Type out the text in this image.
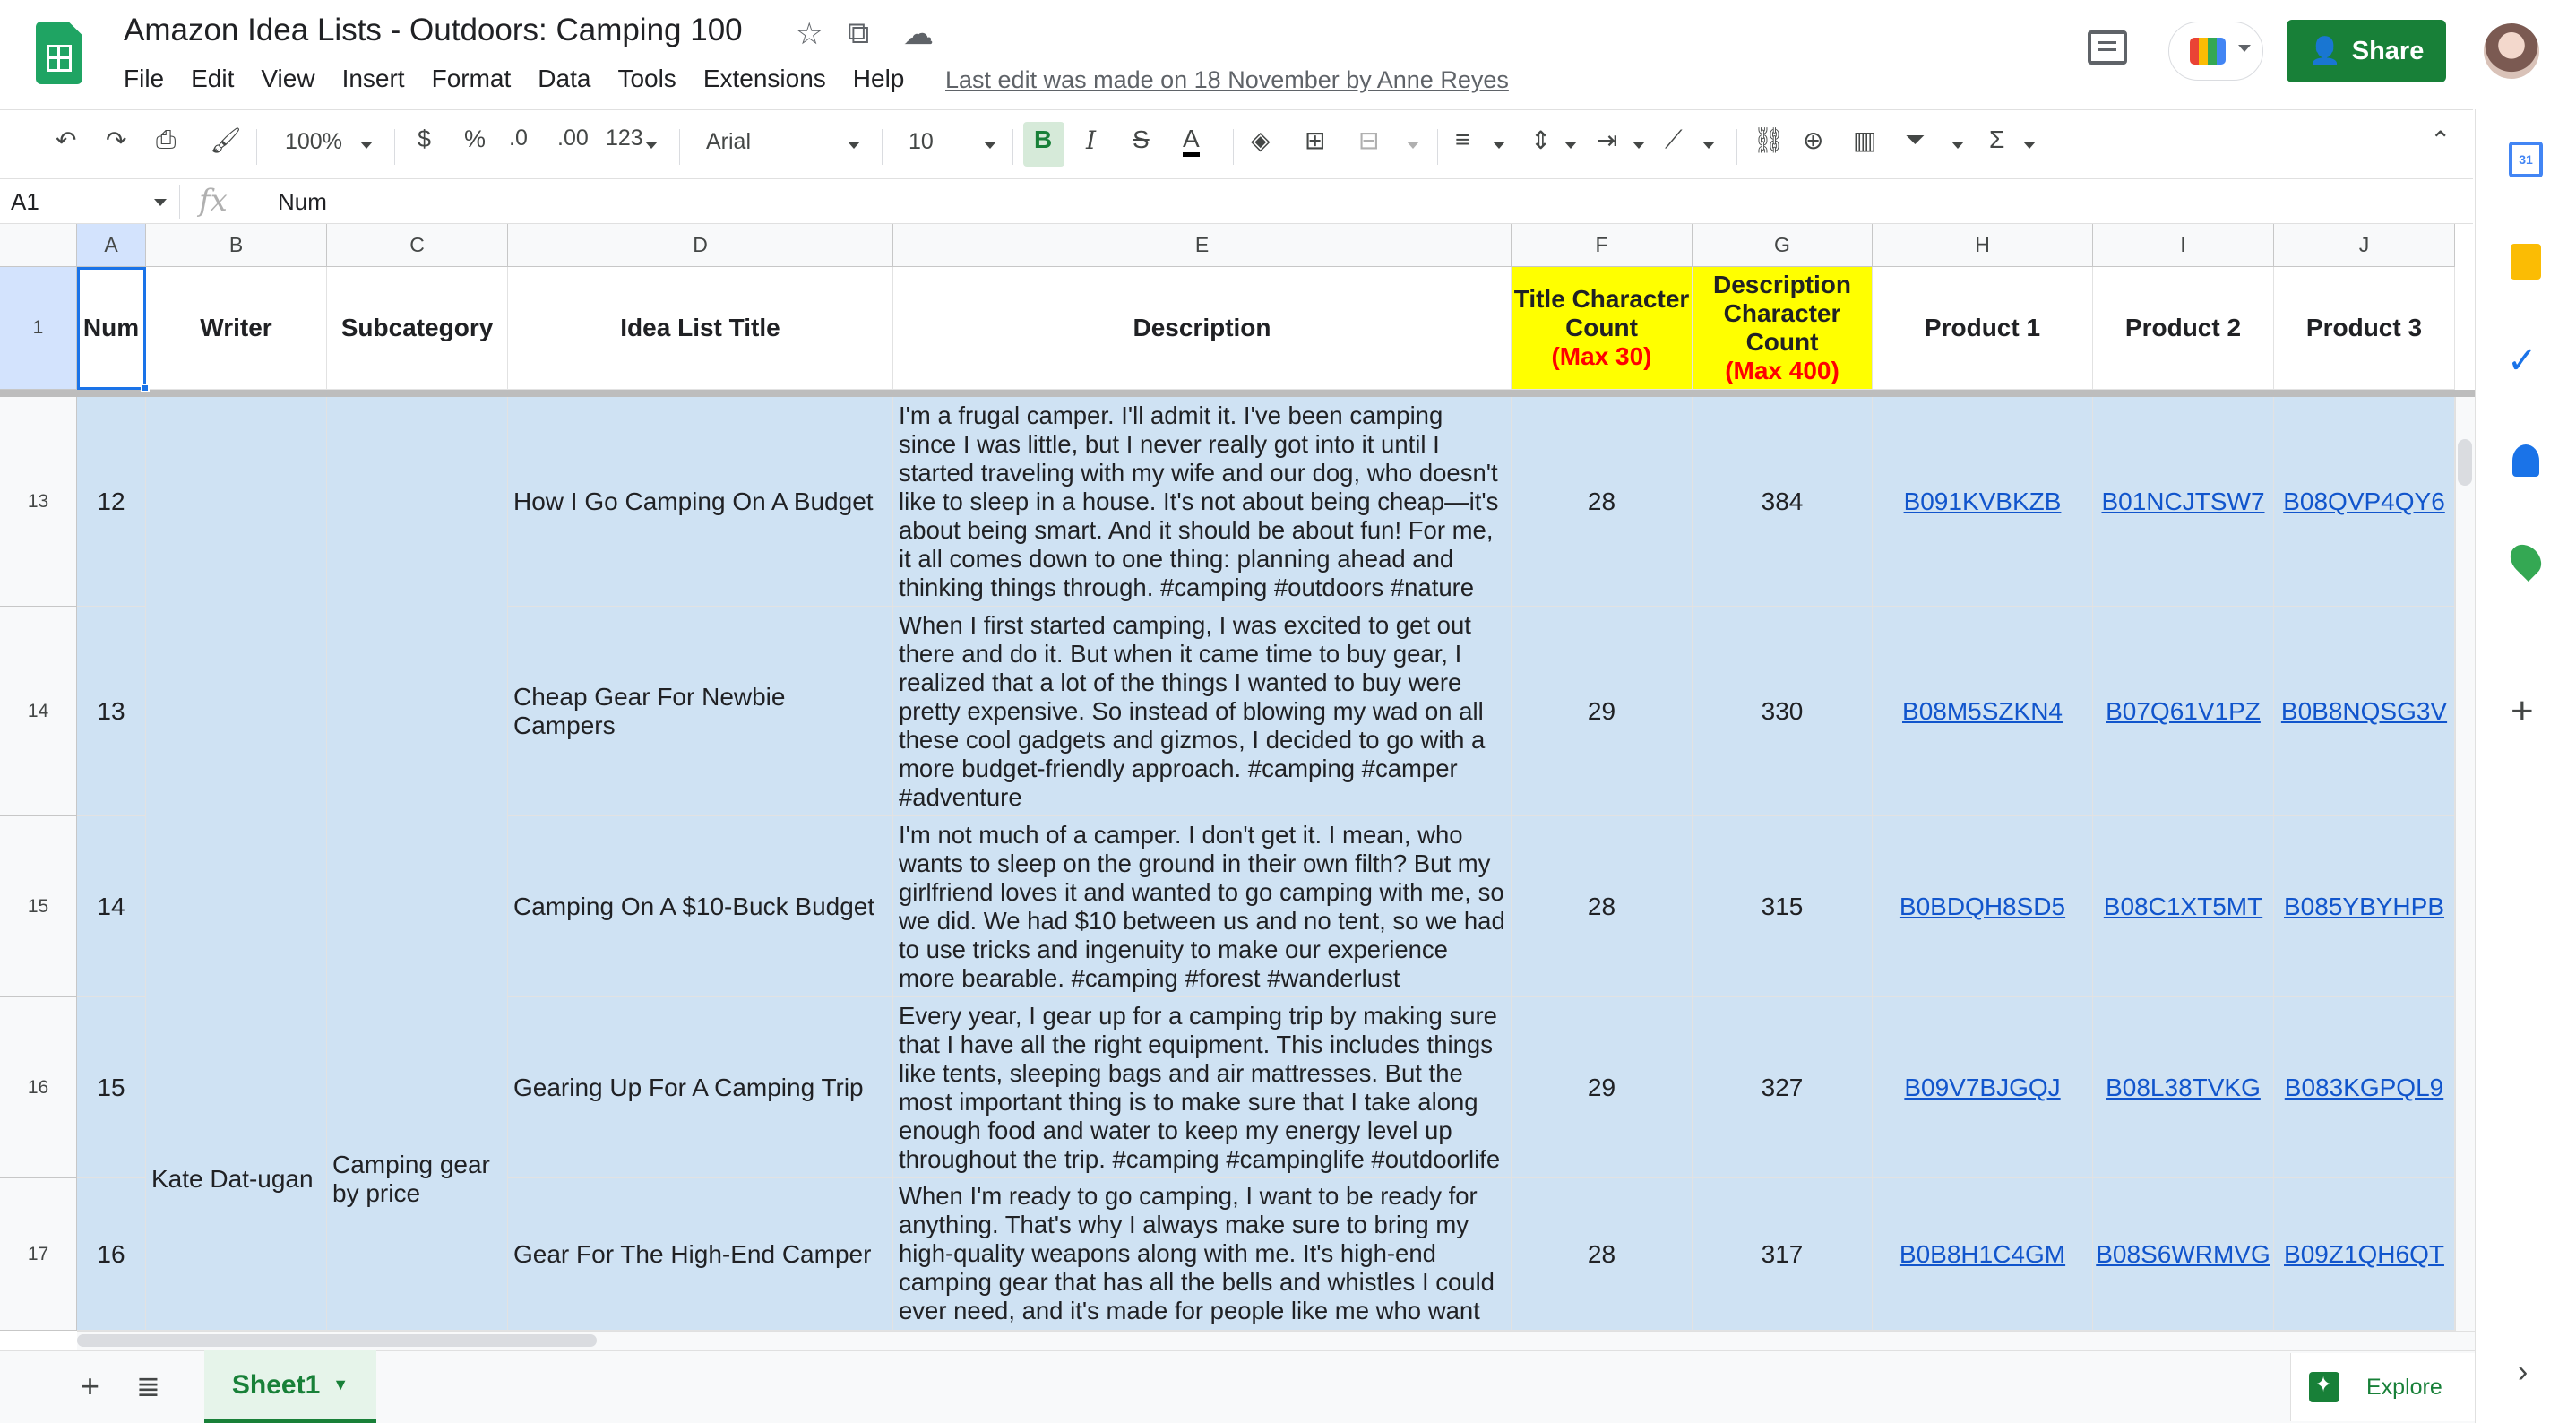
Amazon Idea Lists - Outdoors: Camping 100 ☆ ⧉ ☁
File Edit View Insert Format Data Tools Extensions Help Last edit was made on 18 November by Anne Reyes
👤 Share
↶ ↷ ⎙ 🖌 100%	$ % .0 .00 123	Arial	10	B I S A ◈ ⊞ ⊟	≡ ⇕ ⇥ ⟋	⛓ ⊕ ▥ ⏷	Σ	⌃
A1	fx Num
A	B	C	D	E	F	G	H	I	J
1	Num	Writer	Subcategory	Idea List Title	Description
Title Character Count
(Max 30)
Description Character Count
(Max 400)
Product 1	Product 2	Product 3
Kate Dat-ugan
Camping gear by price
13	12	How I Go Camping On A Budget
I'm a frugal camper. I'll admit it. I've been camping since I was little, but I never really got into it until I started traveling with my wife and our dog, who doesn't like to sleep in a house. It's not about being cheap—it's about being smart. And it should be about fun! For me, it all comes down to one thing: planning ahead and thinking things through. #camping #outdoors #nature
28	384	B091KVBKZB	B01NCJTSW7 B08QVP4QY6
14	13
Cheap Gear For Newbie Campers
When I first started camping, I was excited to get out there and do it. But when it came time to buy gear, I realized that a lot of the things I wanted to buy were pretty expensive. So instead of blowing my wad on all these cool gadgets and gizmos, I decided to go with a more budget-friendly approach. #camping #camper #adventure
29	330	B08M5SZKN4	B07Q61V1PZ B0B8NQSG3V
15	14	Camping On A $10-Buck Budget
I'm not much of a camper. I don't get it. I mean, who wants to sleep on the ground in their own filth? But my girlfriend loves it and wanted to go camping with me, so we did. We had $10 between us and no tent, so we had to use tricks and ingenuity to make our experience more bearable. #camping #forest #wanderlust
28	315	B0BDQH8SD5	B08C1XT5MT B085YBYHPB
16	15	Gearing Up For A Camping Trip
Every year, I gear up for a camping trip by making sure that I have all the right equipment. This includes things like tents, sleeping bags and air mattresses. But the most important thing is to make sure that I take along enough food and water to keep my energy level up throughout the trip. #camping #campinglife #outdoorlife
29	327	B09V7BJGQJ	B08L38TVKG B083KGPQL9
17	16	Gear For The High-End Camper
When I'm ready to go camping, I want to be ready for anything. That's why I always make sure to bring my high-quality weapons along with me. It's high-end camping gear that has all the bells and whistles I could ever need, and it's made for people like me who want
28	317	B0B8H1C4GM	B08S6WRMVG B09Z1QH6QT
+ ≣	Sheet1 ▼
✦	Explore
31
✓
+
›
